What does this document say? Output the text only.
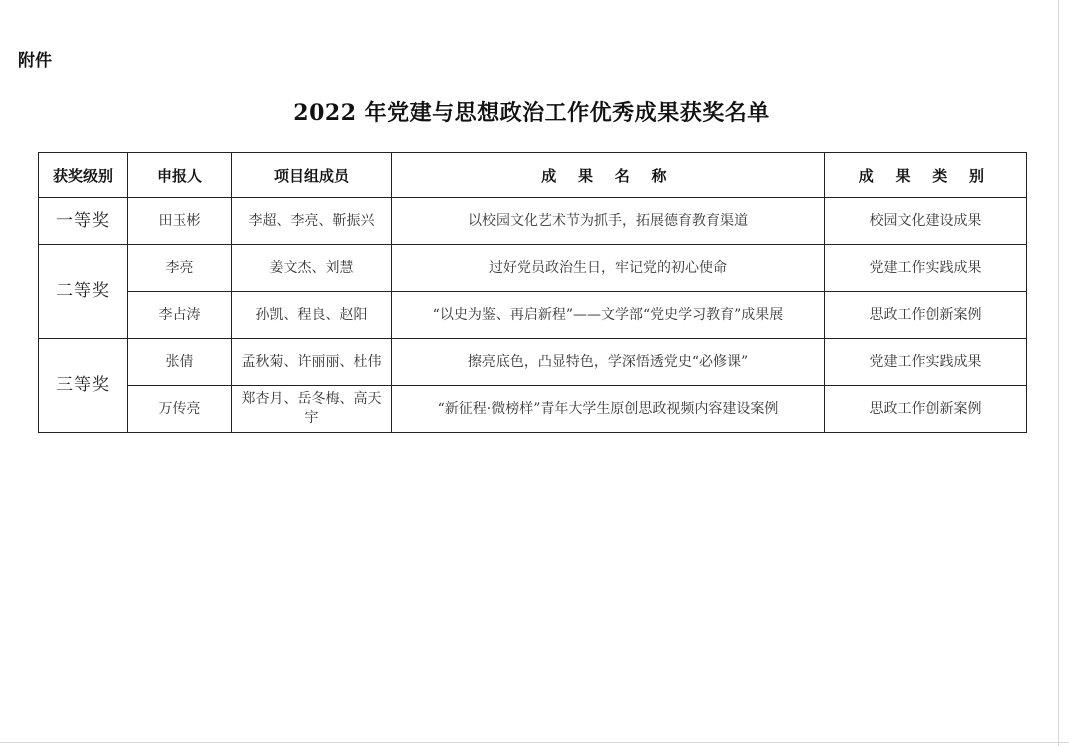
附件
2022 年党建与思想政治工作优秀成果获奖名单
获奖级别	申报人	项目组成员	成 果 名 称	成 果 类 别
一等奖	田玉彬	李超、李亮、靳振兴	以校园文化艺术节为抓手，拓展德育教育渠道	校园文化建设成果
二等奖	李亮	姜文杰、刘慧	过好党员政治生日，牢记党的初心使命	党建工作实践成果
	李占涛	孙凯、程良、赵阳	“以史为鉴、再启新程”——文学部“党史学习教育”成果展	思政工作创新案例
三等奖	张倩	孟秋菊、许丽丽、杜伟	擦亮底色，凸显特色，学深悟透党史“必修课”	党建工作实践成果
	万传亮	郑杏月、岳冬梅、高天宇	“新征程·微榜样”青年大学生原创思政视频内容建设案例	思政工作创新案例
